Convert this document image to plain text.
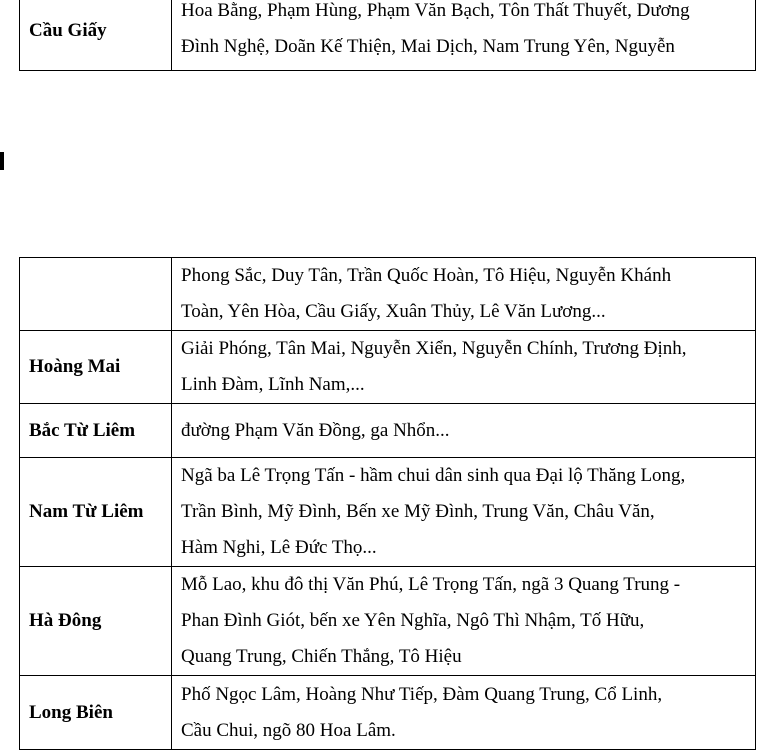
Cầu Giấy	
Hoa Bằng, Phạm Hùng, Phạm Văn Bạch, Tôn Thất Thuyết, Dương
Đình Nghệ, Doãn Kế Thiện, Mai Dịch, Nam Trung Yên, Nguyễn

	Phong Sắc, Duy Tân, Trần Quốc Hoàn, Tô Hiệu, Nguyễn Khánh
Toàn, Yên Hòa, Cầu Giấy, Xuân Thủy, Lê Văn Lương...

Hoàng Mai	Giải Phóng, Tân Mai, Nguyễn Xiển, Nguyễn Chính, Trương Định,
Linh Đàm, Lĩnh Nam,...

Bắc Từ Liêm	đường Phạm Văn Đồng, ga Nhổn...

Nam Từ Liêm	Ngã ba Lê Trọng Tấn - hầm chui dân sinh qua Đại lộ Thăng Long,
Trần Bình, Mỹ Đình, Bến xe Mỹ Đình, Trung Văn, Châu Văn,
Hàm Nghi, Lê Đức Thọ...

Hà Đông	Mỗ Lao, khu đô thị Văn Phú, Lê Trọng Tấn, ngã 3 Quang Trung -
Phan Đình Giót, bến xe Yên Nghĩa, Ngô Thì Nhậm, Tố Hữu,
Quang Trung, Chiến Thắng, Tô Hiệu

Long Biên	Phố Ngọc Lâm, Hoàng Như Tiếp, Đàm Quang Trung, Cổ Linh,
Cầu Chui, ngõ 80 Hoa Lâm.
